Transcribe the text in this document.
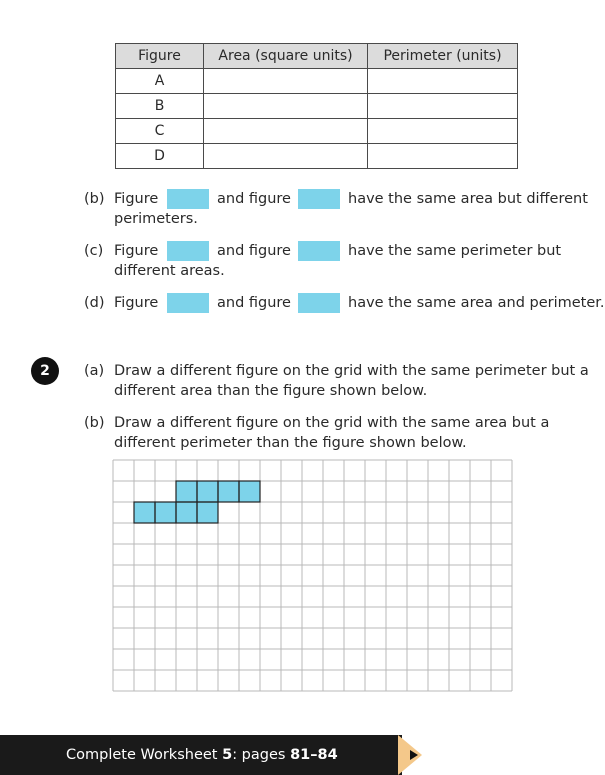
Figure	Area (square units)	Perimeter (units)
A		
B		
C		
D		
(b) Figure	and figure	have the same area but different
perimeters.
(c) Figure	and figure	have the same perimeter but
different areas.
(d) Figure	and figure	have the same area and perimeter.
2	(a) Draw a different figure on the grid with the same perimeter but a
different area than the figure shown below.
(b) Draw a different figure on the grid with the same area but a
different perimeter than the figure shown below.
Complete Worksheet 5: pages 81–84
